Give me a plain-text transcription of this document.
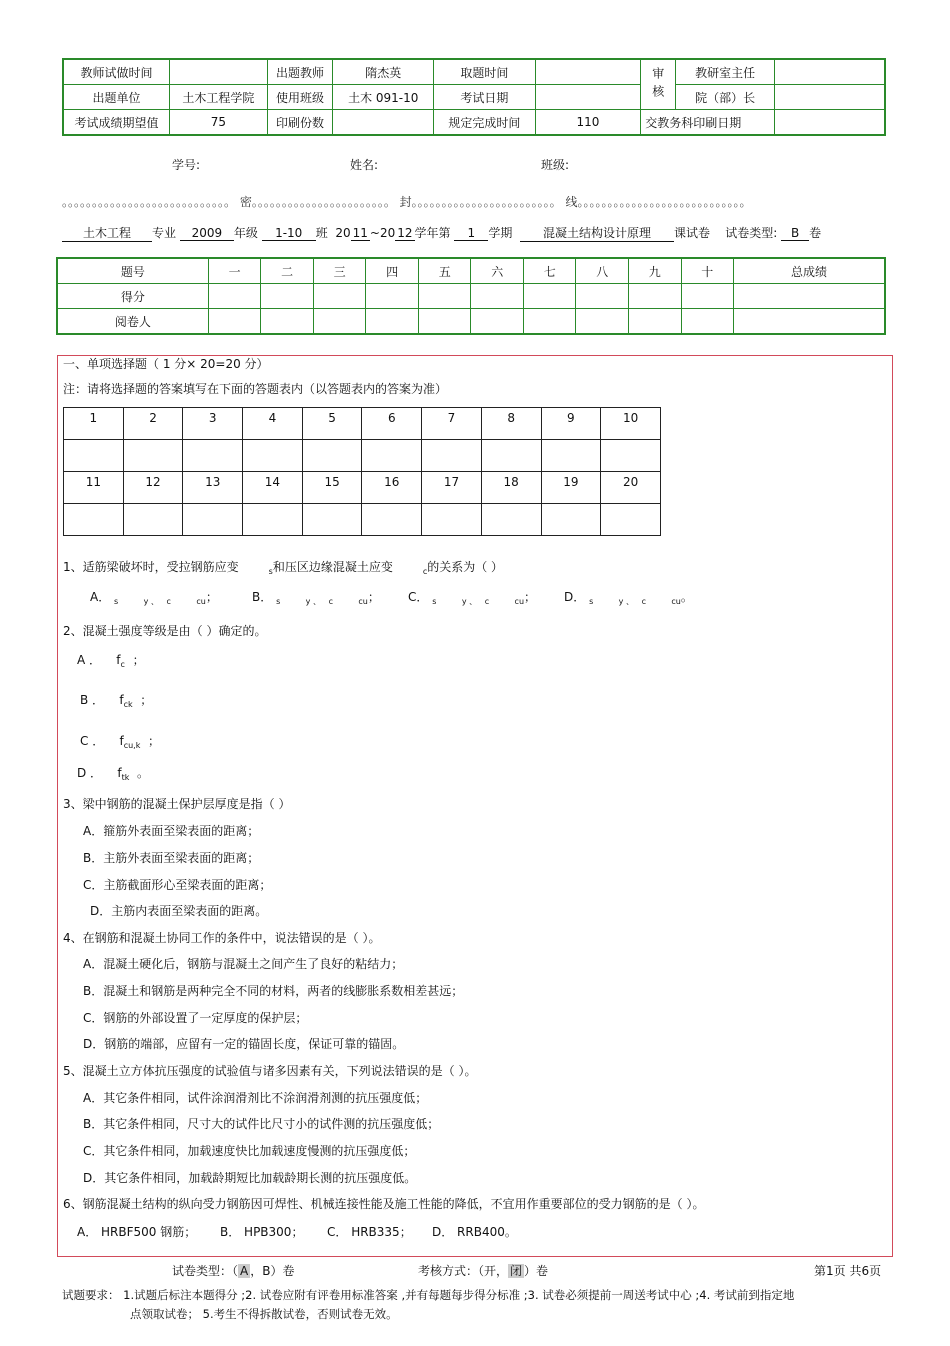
教师试做时间		出题教师	隋杰英	取题时间		审核	教研室主任	
出题单位	土木工程学院	使用班级	土木 091-10	考试日期			院（部）长	
考试成绩期望值	75	印刷份数		规定完成时间	110	交教务科印刷日期		
学号:	姓名:	班级:
。。。。。。。。。。。。。。。。。。。。。。。。。。。。 密。。。。。。。。。。。。。。。。。。。。。。。 封。。。。。。。。。。。。。。。。。。。。。。。。 线。。。。。。。。。。。。。。。。。。。。。。。。。。。。
土木工程 专业 2009 年级 1-10 班 20 11 ~20 12 学年第 1 学期	混凝土结构设计原理 课试卷 试卷类型: B 卷
题号	一	二	三	四	五	六	七	八	九	十	总成绩
得分											
阅卷人											
一、单项选择题（ 1 分× 20=20 分）
注：请将选择题的答案填写在下面的答题表内（以答题表内的答案为准）
1	2	3	4	5	6	7	8	9	10

11	12	13	14	15	16	17	18	19	20

1、适筋梁破坏时，受拉钢筋应变	$_s$和压区边缘混凝土应变	$_c$的关系为（ ）
A． $_{s y 、 c cu}$；	B． $_{s y 、 c cu}$； C． $_{s y 、 c cu}$； D． $_{s y 、 c cu}$。
2、混凝土强度等级是由（ ）确定的。
A ． $f_c$ ；
B ． $f_{ck}$ ；
C ． $f_{cu,k}$ ；
D ． $f_{tk}$ 。
3、梁中钢筋的混凝土保护层厚度是指（ ）
A．箍筋外表面至梁表面的距离；
B．主筋外表面至梁表面的距离；
C．主筋截面形心至梁表面的距离；
D．主筋内表面至梁表面的距离。
4、在钢筋和混凝土协同工作的条件中，说法错误的是（ ）。
A．混凝土硬化后，钢筋与混凝土之间产生了良好的粘结力；
B．混凝土和钢筋是两种完全不同的材料，两者的线膨胀系数相差甚远；
C．钢筋的外部设置了一定厚度的保护层；
D．钢筋的端部，应留有一定的锚固长度，保证可靠的锚固。
5、混凝土立方体抗压强度的试验值与诸多因素有关，下列说法错误的是（ ）。
A．其它条件相同，试件涂润滑剂比不涂润滑剂测的抗压强度低；
B．其它条件相同，尺寸大的试件比尺寸小的试件测的抗压强度低；
C．其它条件相同，加载速度快比加载速度慢测的抗压强度低；
D．其它条件相同，加载龄期短比加载龄期长测的抗压强度低。
6、钢筋混凝土结构的纵向受力钢筋因可焊性、机械连接性能及施工性能的降低，不宜用作重要部位的受力钢筋的是（ ）。
A． HRBF500 钢筋； B． HPB300； C． HRB335； D． RRB400。
试卷类型：（ A ，B）卷	考核方式：（开， 闭 ）卷	第1页 共6页
试题要求： 1.试题后标注本题得分 ;2. 试卷应附有评卷用标准答案 ,并有每题每步得分标准 ;3. 试卷必须提前一周送考试中心 ;4. 考试前到指定地
点领取试卷； 5.考生不得拆散试卷，否则试卷无效。
